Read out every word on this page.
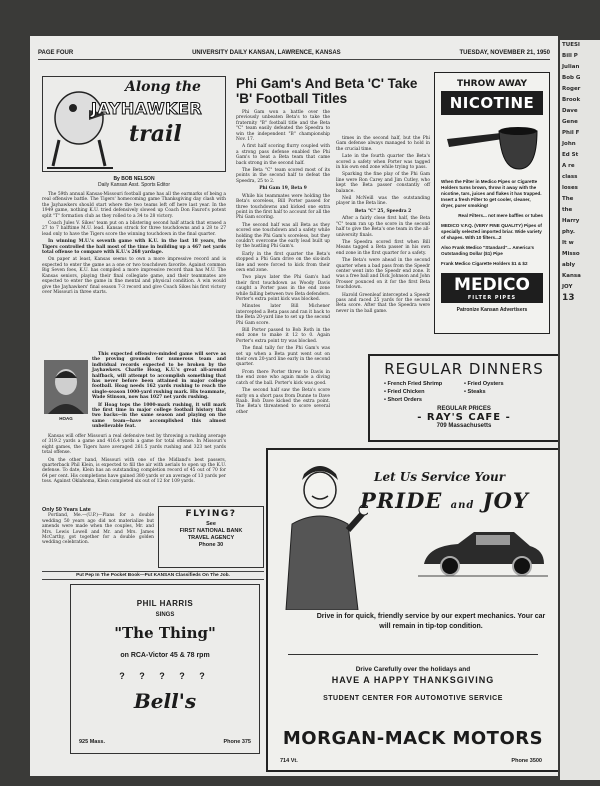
PAGE FOUR	UNIVERSITY DAILY KANSAN, LAWRENCE, KANSAS	TUESDAY, NOVEMBER 21, 1950
Along the
JAYHAWKER
trail
By BOB NELSON
Daily Kansan Asst. Sports Editor

The 59th annual Kansas-Missouri football game has all the earmarks of being a real offensive battle. The Tigers' homecoming game Thanksgiving day clash with the Jayhawkers should start where the two teams left off here last year. In the 1949 game, nothing K.U. tried defensively slowed up Coach Don Faurot's potent split "T" formation club as they rolled to a 34 to 28 victory.

Coach Jules V. Sikes' team put on a blistering second half attack that erased a 27 to 7 halftime M.U. lead. Kansas struck for three touchdowns and a 28 to 27 lead only to have the Tigers score the winning touchdown in the final quarter.

In winning M.U.'s seventh game with K.U. in the last 18 years, the Tigers controlled the ball most of the time in building up a 467 net yards total offense to compare with K.U.'s 268 yardage.

On paper at least, Kansas seems to own a more impressive record and is expected to enter the game as a one or two touchdown favorite. Against common Big Seven foes, K.U. has compiled a more impressive record than has M.U. The Kansas seniors, playing their final collegiate game, and their teammates are expected to enter the game in fine mental and physical condition. A win would give the Jayhawkers' final season 7-3 record and give Coach Sikes his first victory over Missouri in three starts.

HOAG

This expected offensive-minded game will serve as the proving grounds for numerous team and individual records expected to be broken by the Jayhawkers. Charlie Hoag, K.U.'s great all-around halfback, will attempt to accomplish something that has never before been attained in major college football. Hoag needs 162 yards rushing to reach the single-season 1000-yard rushing mark. His teammate, Wade Stinson, now has 1027 net yards rushing.

If Hoag tops the 1000-mark rushing, it will mark the first time in major college football history that two backs—in the same season and playing on the same team—have accomplished this almost unbelievable feat.

Kansas will offer Missouri a real defensive test by throwing a rushing average of 319.2 yards a game and 416.4 yards a game for total offense. In Missouri's eight games, the Tigers have averaged 261.5 yards rushing and 323 net yards total offense.

On the other hand, Missouri with one of the Midland's best passers, quarterback Phil Klein, is expected to fill the air with aerials to open up the K.U. defense. To date, Klein has an outstanding completion record of 45 out of 70 for 64 per cent. His completions have gained 380 yards or an average of 13 yards per toss. Against Oklahoma, Klein completed six out of 12 for 109 yards.

Only 50 Years Late

Portland, Me.—(U.P.)—Plans for a double wedding 50 years ago did not materialize but amends were made when the couples, Mr. and Mrs. Lewis Lowell and Mr. and Mrs. James McCarthy, got together for a double golden wedding celebration.

FLYING?
See
FIRST NATIONAL BANK
TRAVEL AGENCY
Phone 30
Put Pep In The Pocket Book—Put KANSAN Classifieds On The Job.
PHIL HARRIS
SINGS
"The Thing"
on RCA-Victor 45 & 78 rpm
? ? ? ? ?
Bell's
925 Mass.	Phone 375
Phi Gam's And Beta 'C' Take 'B' Football Titles

Phi Gam won a battle over the previously unbeaten Beta's to take the fraternity "B" football title and the Beta "C" team easily defeated the Speedra to win the independent "B" championship Nov. 17.

A first half scoring flurry coupled with a strong pass defense enabled the Phi Gam's to beat a Beta team that came back strong in the second half.

The Beta "C" team scored most of its points in the second half to defeat the Speedra, 25 to 2.

Phi Gam 19, Beta 9

While his teammates were holding the Beta's scoreless, Bill Porter passed for three touchdowns and kicked one extra point in the first half to account for all the Phi Gam scoring.

The second half was all Beta as they scored one touchdown and a safety while holding the Phi Gam's scoreless, but they couldn't overcome the early lead built up by the hustling Phi Gam's.

Early in the first quarter the Beta's stopped a Phi Gam drive on the six-inch line and were forced to kick from their own end zone.

Two plays later the Phi Gam's had their first touchdown as Woody Davis caught a Porter pass in the end zone while falling between two Beta defenders. Porter's extra point kick was blocked.

Minutes later Bill Michener intercepted a Beta pass and ran it back to the Beta 20-yard line to set up the second Phi Gam score.

Bill Porter passed to Bob Roth in the end zone to make it 12 to 0. Again Porter's extra point try was blocked.

The final tally for the Phi Gam's was set up when a Beta punt went out on their own 20-yard line early in the second quarter.

From there Porter threw to Davis in the end zone who again made a diving catch of the ball. Porter's kick was good.

The second half saw the Beta's score early on a short pass from Dunne to Dave Raab. Bob Dave kicked the extra point. The Beta's threatened to score several other

times in the second half, but the Phi Gam defense always managed to hold in the crucial time.

Late in the fourth quarter the Beta's scored a safety when Porter was tagged in his own end zone while trying to pass.

Sparking the fine play of the Phi Gam line were Ron Carey and Jim Cutley, who kept the Beta passer constantly off balance.

Neil McNeill was the outstanding player in the Beta line.

Beta "C" 25, Speedra 2

After a fairly close first half, the Beta "C" team ran up the score in the second half to give the Beta's one team in the all-university finals.

The Speedra scored first when Bill Means tagged a Beta passer in his own end zone in the first quarter for a safety.

The Beta's were ahead in the second quarter when a bad pass from the Speedr center went into the Speedr end zone. It was a free ball and Dick Johnson and John Prosser pounced on it for the first Beta touchdown.

Harold Greenleaf intercepted a Speedr pass and raced 25 yards for the second Beta score. After that the Speedra were never in the ball game.

THROW AWAY
NICOTINE
When the Filter in Medico Pipes or Cigarette Holders turns brown, throw it away with the nicotine, tars, juices and flakes it has trapped. Insert a fresh Filter to get cooler, cleaner, dryer, purer smoking!
Real Filters... not mere baffles or tubes
MEDICO V.F.Q. (VERY FINE QUALITY) Pipes of specially selected imported briar. Wide variety of shapes. With 10 filters...2
Also Frank Medico "Standard"... America's Outstanding Dollar ($1) Pipe
Frank Medico Cigarette Holders $1 & $2
MEDICO
FILTER PIPES
Patronize Kansan Advertisers
REGULAR DINNERS
• French Fried Shrimp	• Fried Oysters
• Fried Chicken	• Steaks
• Short Orders
REGULAR PRICES
- RAY'S CAFE -
709 Massachusetts
Let Us Service Your
PRIDE and JOY
Drive in for quick, friendly service by our expert mechanics. Your car will remain in tip-top condition.
Drive Carefully over the holidays and
HAVE A HAPPY THANKSGIVING
STUDENT CENTER FOR AUTOMOTIVE SERVICE
MORGAN-MACK MOTORS
714 Vt.	Phone 3500
TUESI
Bill P
Julian
Bob G
Roger
Brook
Dave
Gene
Phil F
John
Ed St
A re
class
loses
The
the
Harry
phy.
It w
Misso
ably
Kansa
JOY
13
